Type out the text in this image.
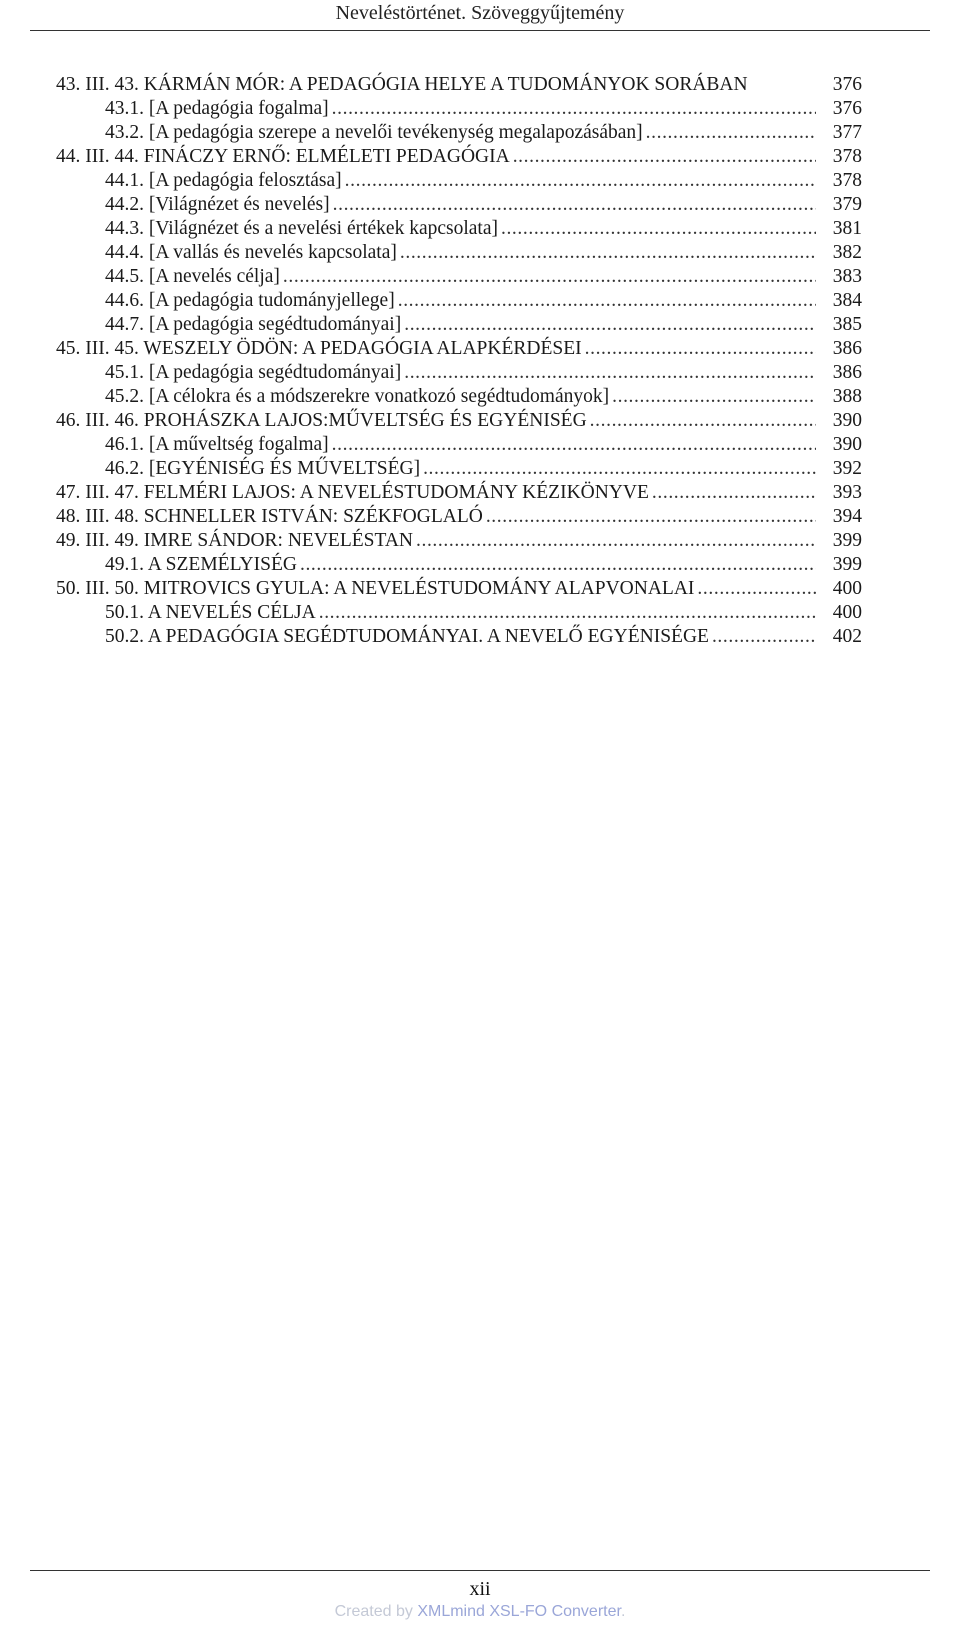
Neveléstörténet. Szöveggyűjtemény
43. III. 43. KÁRMÁN MÓR: A PEDAGÓGIA HELYE A TUDOMÁNYOK SORÁBAN	376
43.1. [A pedagógia fogalma] .....	376
43.2. [A pedagógia szerepe a nevelői tevékenység megalapozásában] .....	377
44. III. 44. FINÁCZY ERNŐ: ELMÉLETI PEDAGÓGIA .....	378
44.1. [A pedagógia felosztása] .....	378
44.2. [Világnézet és nevelés] .....	379
44.3. [Világnézet és a nevelési értékek kapcsolata] .....	381
44.4. [A vallás és nevelés kapcsolata] .....	382
44.5. [A nevelés célja] .....	383
44.6. [A pedagógia tudományjellege] .....	384
44.7. [A pedagógia segédtudományai] .....	385
45. III. 45. WESZELY ÖDÖN: A PEDAGÓGIA ALAPKÉRDÉSEI .....	386
45.1. [A pedagógia segédtudományai] .....	386
45.2. [A célokra és a módszerekre vonatkozó segédtudományok] .....	388
46. III. 46. PROHÁSZKA LAJOS:MŰVELTSÉG ÉS EGYÉNISÉG .....	390
46.1. [A műveltség fogalma] .....	390
46.2. [EGYÉNISÉG ÉS MŰVELTSÉG] .....	392
47. III. 47. FELMÉRI LAJOS: A NEVELÉSTUDOMÁNY KÉZIKÖNYVE .....	393
48. III. 48. SCHNELLER ISTVÁN: SZÉKFOGLALÓ .....	394
49. III. 49. IMRE SÁNDOR: NEVELÉSTAN .....	399
49.1. A SZEMÉLYISÉG .....	399
50. III. 50. MITROVICS GYULA: A NEVELÉSTUDOMÁNY ALAPVONALAI .....	400
50.1. A NEVELÉS CÉLJA .....	400
50.2. A PEDAGÓGIA SEGÉDTUDOMÁNYAI. A NEVELŐ EGYÉNISÉGE .....	402
xii
Created by XMLmind XSL-FO Converter.
